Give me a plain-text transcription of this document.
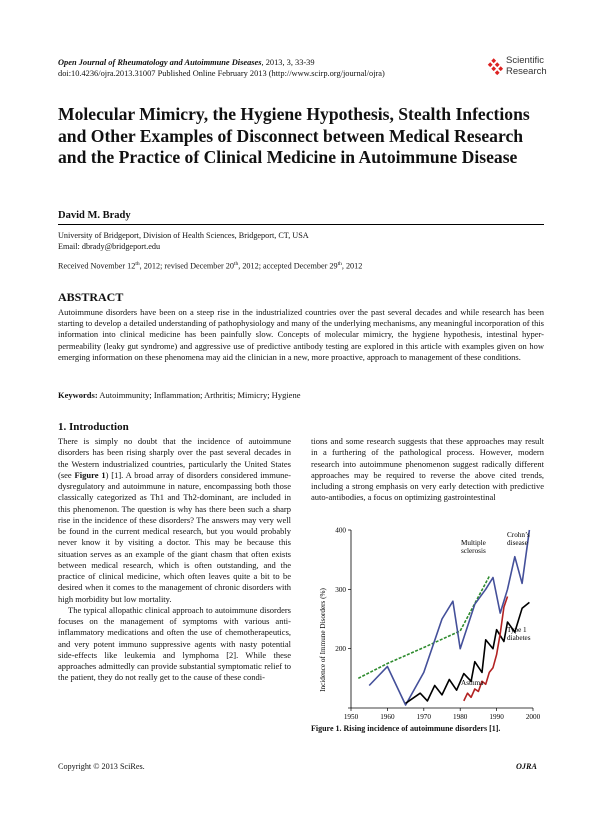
Open Journal of Rheumatology and Autoimmune Diseases, 2013, 3, 33-39
doi:10.4236/ojra.2013.31007 Published Online February 2013 (http://www.scirp.org/journal/ojra)
Scientific
Research
Molecular Mimicry, the Hygiene Hypothesis, Stealth Infections and Other Examples of Disconnect between Medical Research and the Practice of Clinical Medicine in Autoimmune Disease
David M. Brady
University of Bridgeport, Division of Health Sciences, Bridgeport, CT, USA
Email: dbrady@bridgeport.edu
Received November 12th, 2012; revised December 20th, 2012; accepted December 29th, 2012
ABSTRACT
Autoimmune disorders have been on a steep rise in the industrialized countries over the past several decades and while research has been starting to develop a detailed understanding of pathophysiology and many of the underlying mechanisms, any meaningful incorporation of this information into clinical medicine has been painfully slow. Concepts of molecular mimicry, the hygiene hypothesis, intestinal hyper-permeability (leaky gut syndrome) and aggressive use of predictive antibody testing are explored in this article with examples given on how emerging information on these phenomena may aid the clinician in a new, more proactive, approach to management of these conditions.
Keywords: Autoimmunity; Inflammation; Arthritis; Mimicry; Hygiene
1. Introduction

There is simply no doubt that the incidence of autoimmune disorders has been rising sharply over the past several decades in the Western industrialized countries, particularly the United States (see Figure 1) [1]. A broad array of disorders considered immune-dysregulatory and autoimmune in nature, encompassing both those classically categorized as Th1 and Th2-dominant, are included in this phenomenon. The question is why has there been such a sharp rise in the incidence of these disorders? The answers may very well be found in the current medical research, but you would probably never know it by visiting a doctor. This may be because this situation serves as an example of the giant chasm that often exists between medical research, which is often outstanding, and the practice of clinical medicine, which often leaves quite a bit to be desired when it comes to the management of chronic disorders with high morbidity but low mortality.

The typical allopathic clinical approach to autoimmune disorders focuses on the management of symptoms with various anti-inflammatory medications and often the use of chemotherapeutics, and very potent immuno suppressive agents with nasty potential side-effects like leukemia and lymphoma [2]. While these approaches admittedly can provide substantial symptomatic relief to the patient, they do not really get to the cause of these condi-

tions and some research suggests that these approaches may result in a furthering of the pathological process. However, modern research into autoimmune phenomenon suggest radically different approaches may be required to reverse the above cited trends, including a strong emphasis on very early detection with predictive auto-antibodies, a focus on optimizing gastrointestinal
Incidence of Immune Disorders (%)
1950	1960	1970	1980	1990	2000
200
300
400
Multiple sclerosis
Crohn’s disease
Type 1 diabetes
Asthma
Figure 1. Rising incidence of autoimmune disorders [1].
Copyright © 2013 SciRes.	OJRA
